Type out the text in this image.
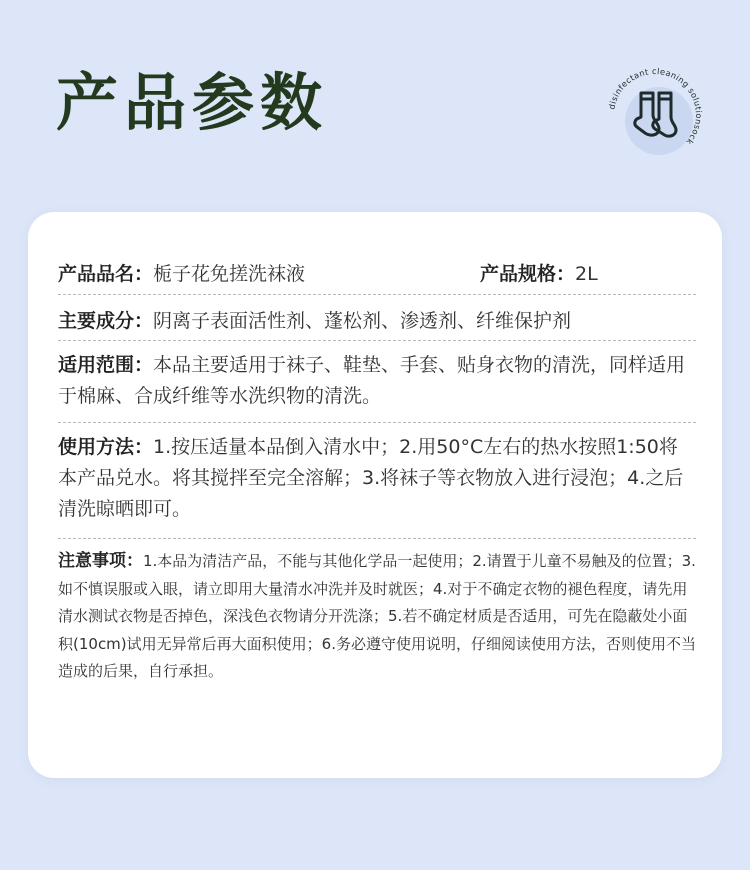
产品参数	disinfectant cleaning solutionsock
产品品名：栀子花免搓洗袜液	产品规格：2L
主要成分：阴离子表面活性剂、蓬松剂、渗透剂、纤维保护剂
适用范围：本品主要适用于袜子、鞋垫、手套、贴身衣物的清洗，同样适用于棉麻、合成纤维等水洗织物的清洗。
使用方法：1.按压适量本品倒入清水中；2.用50°C左右的热水按照1:50将本产品兑水。将其搅拌至完全溶解；3.将袜子等衣物放入进行浸泡；4.之后清洗晾晒即可。
注意事项：1.本品为清洁产品，不能与其他化学品一起使用；2.请置于儿童不易触及的位置；3.如不慎误服或入眼，请立即用大量清水冲洗并及时就医；4.对于不确定衣物的褪色程度，请先用清水测试衣物是否掉色，深浅色衣物请分开洗涤；5.若不确定材质是否适用，可先在隐蔽处小面积(10cm)试用无异常后再大面积使用；6.务必遵守使用说明，仔细阅读使用方法，否则使用不当造成的后果，自行承担。
